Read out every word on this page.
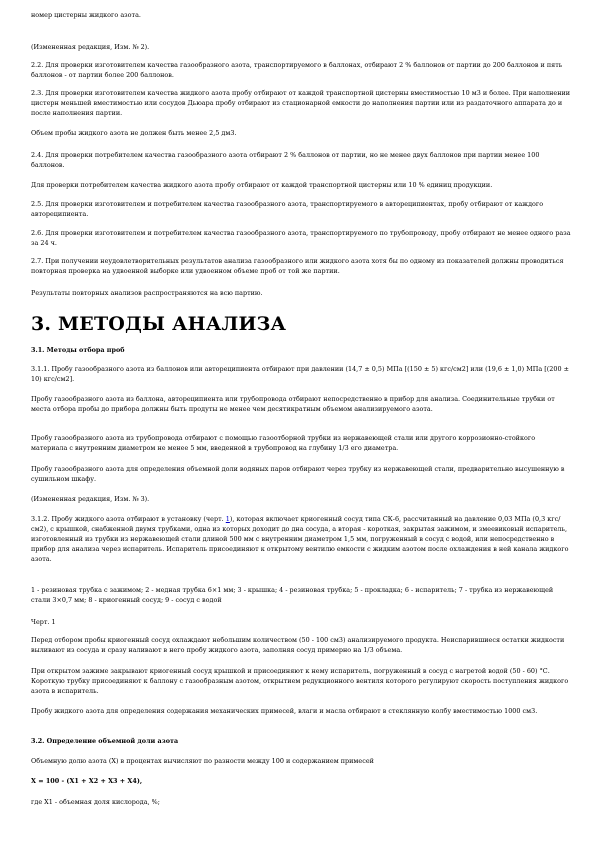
номер цистерны жидкого азота.
(Измененная редакция, Изм. № 2).
2.2. Для проверки изготовителем качества газообразного азота, транспортируемого в баллонах, отбирают 2 % баллонов от партии до 200 баллонов и пять баллонов - от партии более 200 баллонов.
2.3. Для проверки изготовителем качества жидкого азота пробу отбирают от каждой транспортной цистерны вместимостью 10 м3 и более. При наполнении цистерн меньшей вместимостью или сосудов Дьюара пробу отбирают из стационарной емкости до наполнения партии или из раздаточного аппарата до и после наполнения партии.
Объем пробы жидкого азота не должен быть менее 2,5 дм3.
2.4. Для проверки потребителем качества газообразного азота отбирают 2 % баллонов от партии, но не менее двух баллонов при партии менее 100 баллонов.
Для проверки потребителем качества жидкого азота пробу отбирают от каждой транспортной цистерны или 10 % единиц продукции.
2.5. Для проверки изготовителем и потребителем качества газообразного азота, транспортируемого в автореципиентах, пробу отбирают от каждого автореципиента.
2.6. Для проверки изготовителем и потребителем качества газообразного азота, транспортируемого по трубопроводу, пробу отбирают не менее одного раза за 24 ч.
2.7. При получении неудовлетворительных результатов анализа газообразного или жидкого азота хотя бы по одному из показателей должны проводиться повторная проверка на удвоенной выборке или удвоенном объеме проб от той же партии.
Результаты повторных анализов распространяются на всю партию.
3. МЕТОДЫ АНАЛИЗА
3.1. Методы отбора проб
3.1.1. Пробу газообразного азота из баллонов или автореципиента отбирают при давлении (14,7 ± 0,5) МПа [(150 ± 5) кгс/см2] или (19,6 ± 1,0) МПа [(200 ± 10) кгс/см2].
Пробу газообразного азота из баллона, автореципиента или трубопровода отбирают непосредственно в прибор для анализа. Соединительные трубки от места отбора пробы до прибора должны быть продуты не менее чем десятикратным объемом анализируемого азота.
Пробу газообразного азота из трубопровода отбирают с помощью газоотборной трубки из нержавеющей стали или другого коррозионно-стойкого материала с внутренним диаметром не менее 5 мм, введенной в трубопровод на глубину 1/3 его диаметра.
Пробу газообразного азота для определения объемной доли водяных паров отбирают через трубку из нержавеющей стали, предварительно высушенную в сушильном шкафу.
(Измененная редакция, Изм. № 3).
3.1.2. Пробу жидкого азота отбирают в установку (черт. 1), которая включает криогенный сосуд типа СК-6, рассчитанный на давление 0,03 МПа (0,3 кгс/см2), с крышкой, снабженной двумя трубками, одна из которых доходит до дна сосуда, а вторая - короткая, закрытая зажимом, и змеевиковый испаритель, изготовленный из трубки из нержавеющей стали длиной 500 мм с внутренним диаметром 1,5 мм, погруженный в сосуд с водой, или непосредственно в прибор для анализа через испаритель. Испаритель присоединяют к открытому вентилю емкости с жидким азотом после охлаждения в ней канала жидкого азота.
1 - резиновая трубка с зажимом; 2 - медная трубка 6×1 мм; 3 - крышка; 4 - резиновая трубка; 5 - прокладка; 6 - испаритель; 7 - трубка из нержавеющей стали 3×0,7 мм; 8 - криогенный сосуд; 9 - сосуд с водой
Черт. 1
Перед отбором пробы криогенный сосуд охлаждают небольшим количеством (50 - 100 см3) анализируемого продукта. Неиспарившиеся остатки жидкости выливают из сосуда и сразу наливают в него пробу жидкого азота, заполняя сосуд примерно на 1/3 объема.
При открытом зажиме закрывают криогенный сосуд крышкой и присоединяют к нему испаритель, погруженный в сосуд с нагретой водой (50 - 60) °С. Короткую трубку присоединяют к баллону с газообразным азотом, открытием редукционного вентиля которого регулируют скорость поступления жидкого азота в испаритель.
Пробу жидкого азота для определения содержания механических примесей, влаги и масла отбирают в стеклянную колбу вместимостью 1000 см3.
3.2. Определение объемной доли азота
Объемную долю азота (X) в процентах вычисляют по разности между 100 и содержанием примесей
X = 100 - (X1 + X2 + X3 + X4),
где X1 - объемная доля кислорода, %;
